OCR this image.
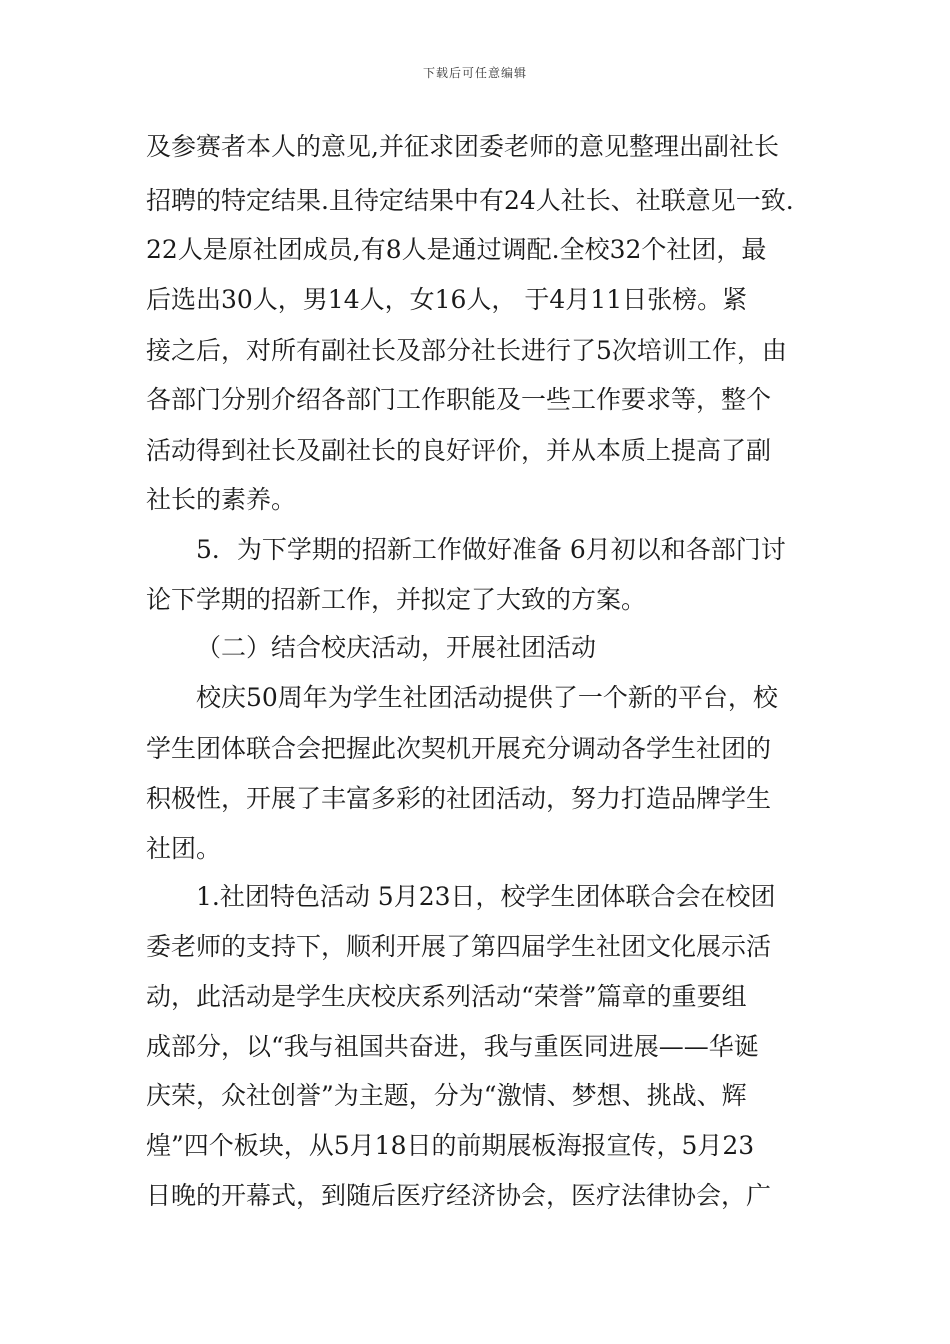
下载后可任意编辑
及参赛者本人的意见,并征求团委老师的意见整理出副社长
招聘的特定结果.且待定结果中有24人社长、社联意见一致.
22人是原社团成员,有8人是通过调配.全校32个社团，最
后选出30人，男14人，女16人， 于4月11日张榜。紧
接之后，对所有副社长及部分社长进行了5次培训工作，由
各部门分别介绍各部门工作职能及一些工作要求等，整个
活动得到社长及副社长的良好评价，并从本质上提高了副
社长的素养。
5．为下学期的招新工作做好准备 6月初以和各部门讨
论下学期的招新工作，并拟定了大致的方案。
（二）结合校庆活动，开展社团活动
校庆50周年为学生社团活动提供了一个新的平台，校
学生团体联合会把握此次契机开展充分调动各学生社团的
积极性，开展了丰富多彩的社团活动，努力打造品牌学生
社团。
1.社团特色活动 5月23日，校学生团体联合会在校团
委老师的支持下，顺利开展了第四届学生社团文化展示活
动，此活动是学生庆校庆系列活动“荣誉”篇章的重要组
成部分，以“我与祖国共奋进，我与重医同进展——华诞
庆荣，众社创誉”为主题，分为“激情、梦想、挑战、辉
煌”四个板块，从5月18日的前期展板海报宣传，5月23
日晚的开幕式，到随后医疗经济协会，医疗法律协会，广
